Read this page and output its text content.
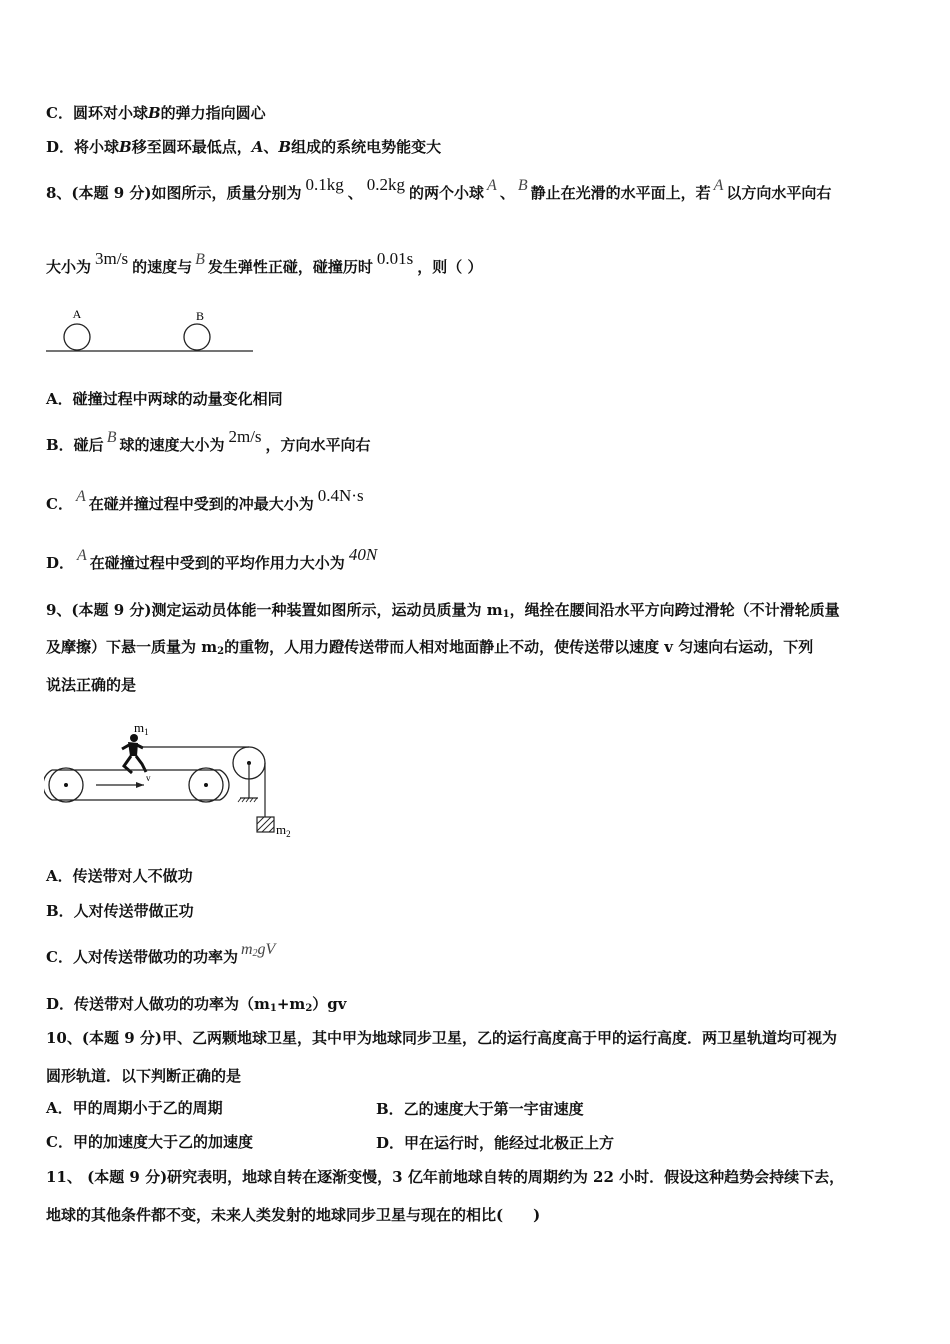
C．圆环对小球B的弹力指向圆心
D．将小球B移至圆环最低点，A、B组成的系统电势能变大
8、(本题 9 分)如图所示，质量分别为 0.1kg 、 0.2kg 的两个小球 A 、 B 静止在光滑的水平面上，若 A 以方向水平向右
大小为 3m/s 的速度与 B 发生弹性正碰，碰撞历时 0.01s ，则（ ）
A	B
A．碰撞过程中两球的动量变化相同
B．碰后 B 球的速度大小为 2m/s ，方向水平向右
C． A 在碰并撞过程中受到的冲最大小为 0.4N·s
D． A 在碰撞过程中受到的平均作用力大小为 40N
9、(本题 9 分)测定运动员体能一种装置如图所示，运动员质量为 $m_1$，绳拴在腰间沿水平方向跨过滑轮（不计滑轮质量
及摩擦）下悬一质量为 $m_2$的重物，人用力蹬传送带而人相对地面静止不动，使传送带以速度 v 匀速向右运动，下列
说法正确的是
$m_1$
v
$m_2$
A．传送带对人不做功
B．人对传送带做正功
C．人对传送带做功的功率为 $m_2gV$
D．传送带对人做功的功率为$(m_1+m_2)gv$
10、(本题 9 分)甲、乙两颗地球卫星，其中甲为地球同步卫星，乙的运行高度高于甲的运行高度．两卫星轨道均可视为
圆形轨道．以下判断正确的是
A．甲的周期小于乙的周期	B．乙的速度大于第一宇宙速度
C．甲的加速度大于乙的加速度	D．甲在运行时，能经过北极正上方
11、 (本题 9 分)研究表明，地球自转在逐渐变慢，3 亿年前地球自转的周期约为 22 小时．假设这种趋势会持续下去，
地球的其他条件都不变，未来人类发射的地球同步卫星与现在的相比(　　)
